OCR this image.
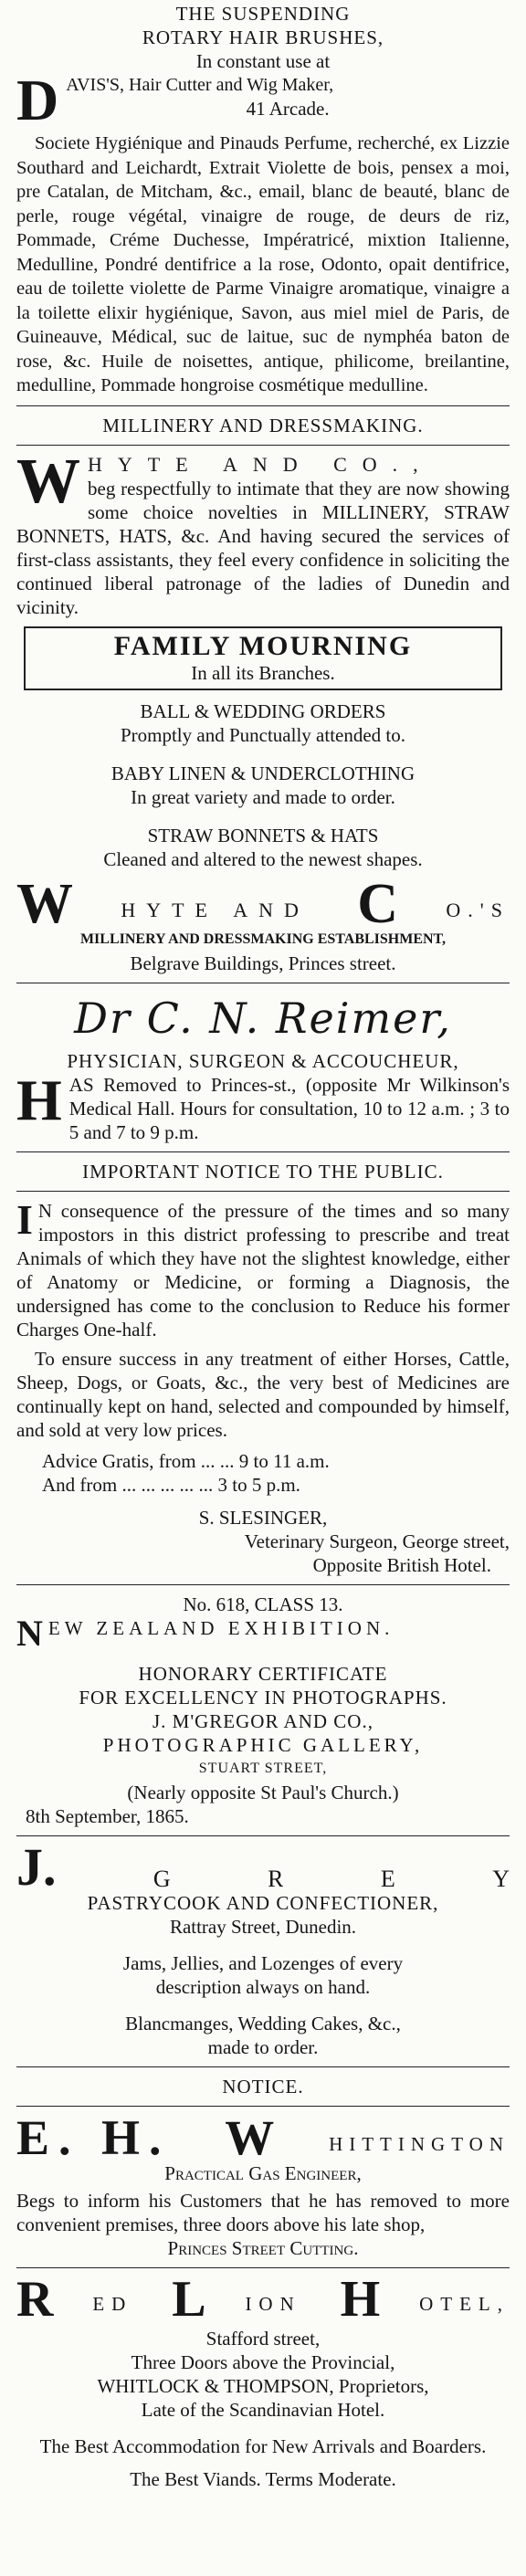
THE SUSPENDING
ROTARY HAIR BRUSHES,
In constant use at
D AVIS'S, Hair Cutter and Wig Maker,
41 Arcade.

Societe Hygiénique and Pinauds Perfume, recherché, ex Lizzie Southard and Leichardt, Extrait Violette de bois, pensex a moi, pre Catalan, de Mitcham, &c., email, blanc de beauté, blanc de perle, rouge végétal, vinaigre de rouge, de deurs de riz, Pommade, Créme Duchesse, Impératricé, mixtion Italienne, Medulline, Pondré dentifrice a la rose, Odonto, opait dentifrice, eau de toilette violette de Parme Vinaigre aromatique, vinaigre a la toilette elixir hygiénique, Savon, aus miel miel de Paris, de Guineauve, Médical, suc de laitue, suc de nymphéa baton de rose, &c. Huile de noisettes, antique, philicome, breilantine, medulline, Pommade hongroise cosmétique medulline.

MILLINERY AND DRESSMAKING.
W HYTE AND CO.,

beg respectfully to intimate that they are now showing some choice novelties in MILLINERY, STRAW BONNETS, HATS, &c. And having secured the services of first-class assistants, they feel every confidence in soliciting the continued liberal patronage of the ladies of Dunedin and vicinity.

FAMILY MOURNING
In all its Branches.
BALL & WEDDING ORDERS
Promptly and Punctually attended to.
BABY LINEN & UNDERCLOTHING
In great variety and made to order.
STRAW BONNETS & HATS
Cleaned and altered to the newest shapes.
W HYTE AND C O.'S
MILLINERY AND DRESSMAKING ESTABLISHMENT,
Belgrave Buildings, Princes street.
Dr C. N. Reimer,
PHYSICIAN, SURGEON & ACCOUCHEUR,
H AS Removed to Princes-st., (opposite Mr Wilkinson's Medical Hall. Hours for consultation, 10 to 12 a.m. ; 3 to 5 and 7 to 9 p.m.

IMPORTANT NOTICE TO THE PUBLIC.
I N consequence of the pressure of the times and so many impostors in this district professing to prescribe and treat Animals of which they have not the slightest knowledge, either of Anatomy or Medicine, or forming a Diagnosis, the undersigned has come to the conclusion to Reduce his former Charges One-half.

To ensure success in any treatment of either Horses, Cattle, Sheep, Dogs, or Goats, &c., the very best of Medicines are continually kept on hand, selected and compounded by himself, and sold at very low prices.

Advice Gratis, from ... ... 9 to 11 a.m.
And from ... ... ... ... ... 3 to 5 p.m.
S. SLESINGER,
Veterinary Surgeon, George street,
Opposite British Hotel.
No. 618, CLASS 13.
N EW ZEALAND EXHIBITION.
HONORARY CERTIFICATE
FOR EXCELLENCY IN PHOTOGRAPHS.
J. M'GREGOR AND CO.,
PHOTOGRAPHIC GALLERY,
STUART STREET,
(Nearly opposite St Paul's Church.)
8th September, 1865.
J.	G	R	E	Y
PASTRYCOOK AND CONFECTIONER,
Rattray Street, Dunedin.
Jams, Jellies, and Lozenges of every
description always on hand.
Blancmanges, Wedding Cakes, &c.,
made to order.
NOTICE.
E. H. W	HITTINGTON
Practical Gas Engineer,

Begs to inform his Customers that he has removed to more convenient premises, three doors above his late shop,

Princes Street Cutting.
R ED L ION H OTEL,
Stafford street,
Three Doors above the Provincial,
WHITLOCK & THOMPSON, Proprietors,
Late of the Scandinavian Hotel.

The Best Accommodation for New Arrivals and Boarders.

The Best Viands. Terms Moderate.
